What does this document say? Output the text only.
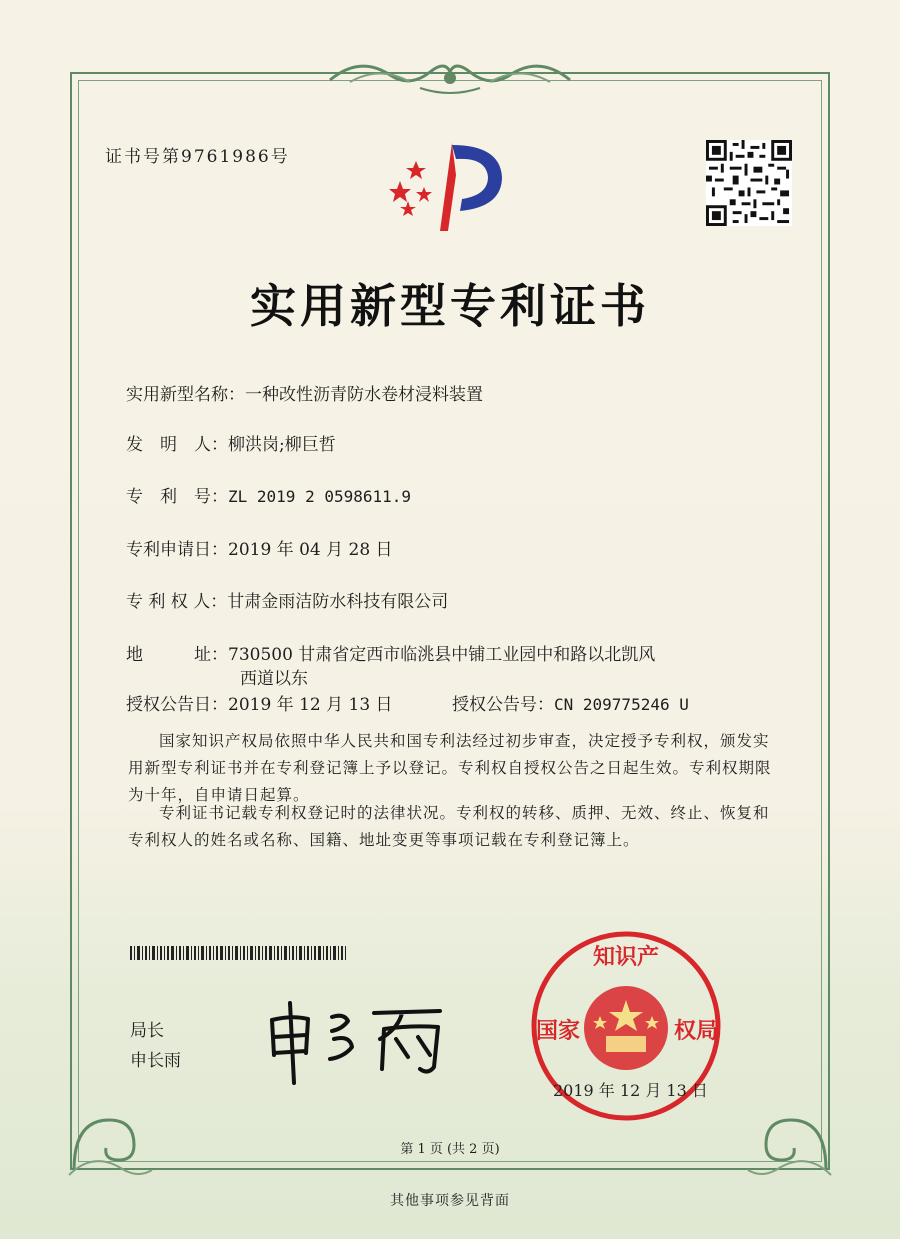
证书号第9761986号
实用新型专利证书
实用新型名称：一种改性沥青防水卷材浸料装置
发　明　人：柳洪岗;柳巨哲
专　利　号：ZL 2019 2 0598611.9
专利申请日：2019 年 04 月 28 日
专 利 权 人：甘肃金雨洁防水科技有限公司
地　　　址：730500 甘肃省定西市临洮县中铺工业园中和路以北凯风
西道以东
授权公告日：2019 年 12 月 13 日	授权公告号：CN 209775246 U
国家知识产权局依照中华人民共和国专利法经过初步审查，决定授予专利权，颁发实用新型专利证书并在专利登记簿上予以登记。专利权自授权公告之日起生效。专利权期限为十年，自申请日起算。
专利证书记载专利权登记时的法律状况。专利权的转移、质押、无效、终止、恢复和专利权人的姓名或名称、国籍、地址变更等事项记载在专利登记簿上。
局长
申长雨
知识产
国家	权局
2019 年 12 月 13 日
第 1 页 (共 2 页)
其他事项参见背面
